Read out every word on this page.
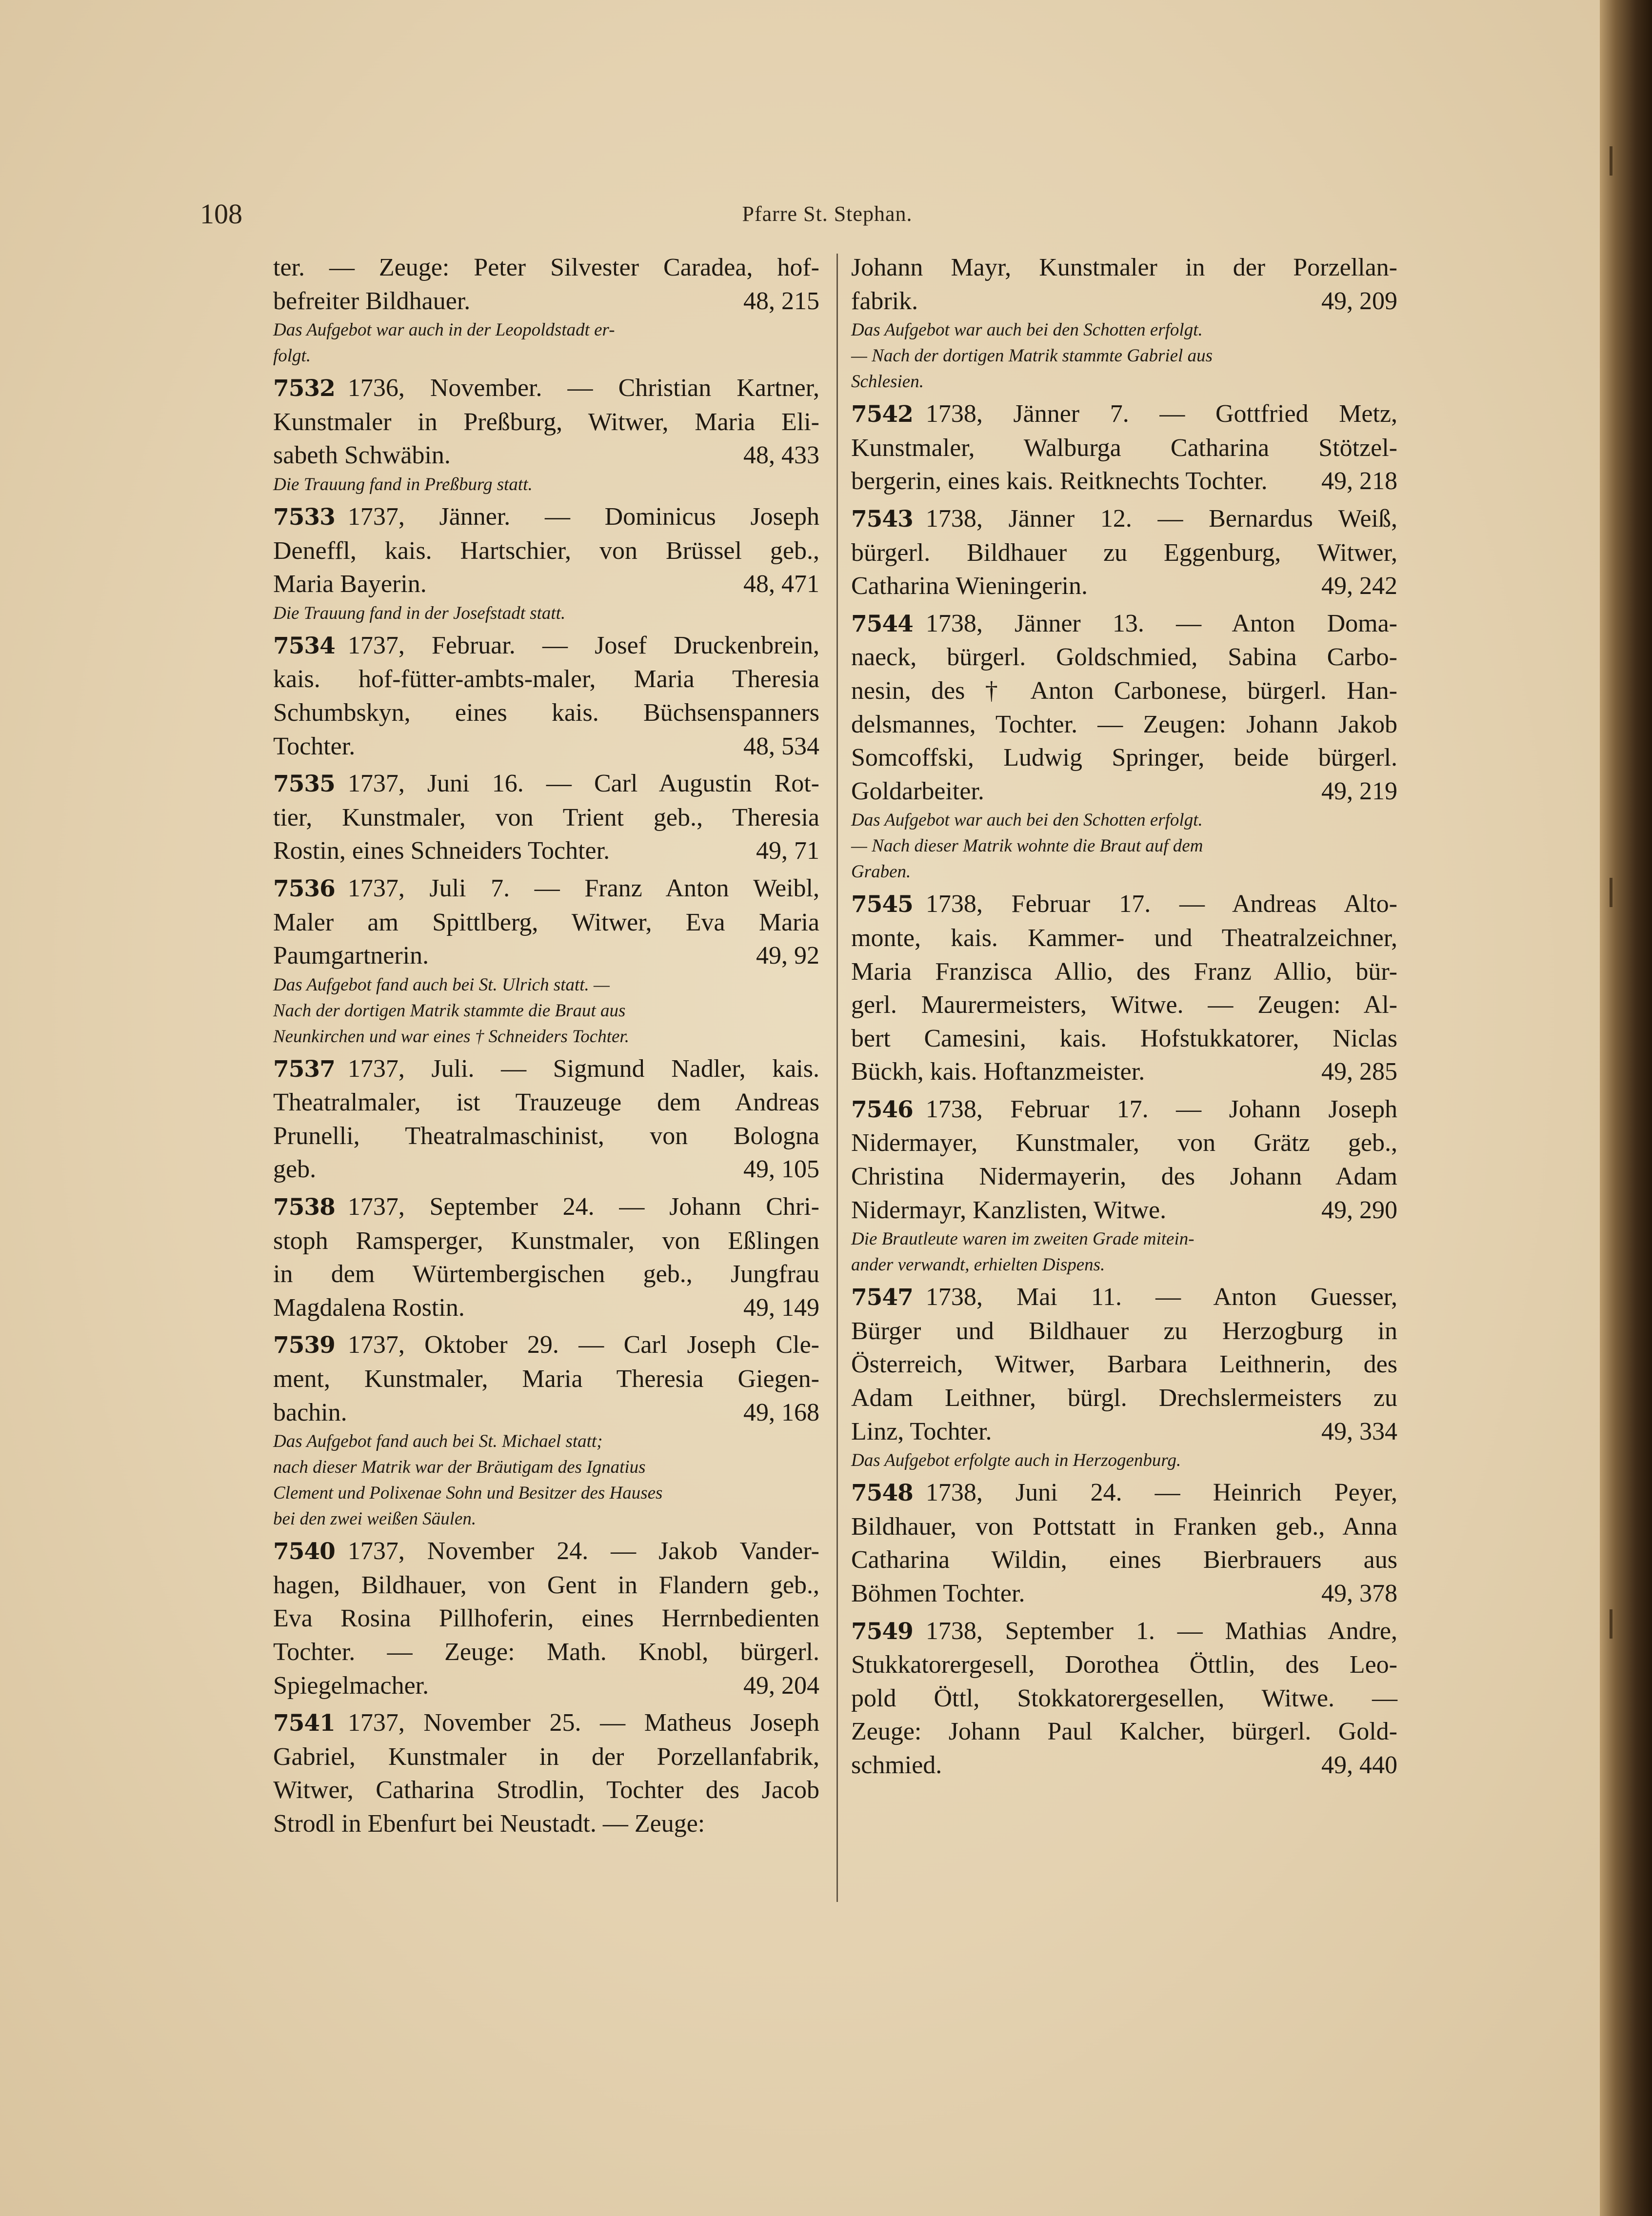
108	Pfarre St. Stephan.

ter. — Zeuge: Peter Silvester Caradea, hof-

48, 215
befreiter Bildhauer.

Das Aufgebot war auch in der Leopoldstadt er-

folgt.

7532 1736, November. — Christian Kartner,

Kunstmaler in Preßburg, Witwer, Maria Eli-

48, 433
sabeth Schwäbin.

Die Trauung fand in Preßburg statt.

7533 1737, Jänner. — Dominicus Joseph

Deneffl, kais. Hartschier, von Brüssel geb.,

48, 471
Maria Bayerin.

Die Trauung fand in der Josefstadt statt.

7534 1737, Februar. — Josef Druckenbrein,

kais. hof-fütter-ambts-maler, Maria Theresia

Schumbskyn, eines kais. Büchsenspanners

48, 534
Tochter.

7535 1737, Juni 16. — Carl Augustin Rot-

tier, Kunstmaler, von Trient geb., Theresia

49, 71
Rostin, eines Schneiders Tochter.

7536 1737, Juli 7. — Franz Anton Weibl,

Maler am Spittlberg, Witwer, Eva Maria

49, 92
Paumgartnerin.

Das Aufgebot fand auch bei St. Ulrich statt. —

Nach der dortigen Matrik stammte die Braut aus

Neunkirchen und war eines † Schneiders Tochter.

7537 1737, Juli. — Sigmund Nadler, kais.

Theatralmaler, ist Trauzeuge dem Andreas

Prunelli, Theatralmaschinist, von Bologna

49, 105
geb.

7538 1737, September 24. — Johann Chri-

stoph Ramsperger, Kunstmaler, von Eßlingen

in dem Würtembergischen geb., Jungfrau

49, 149
Magdalena Rostin.

7539 1737, Oktober 29. — Carl Joseph Cle-

ment, Kunstmaler, Maria Theresia Giegen-

49, 168
bachin.

Das Aufgebot fand auch bei St. Michael statt;

nach dieser Matrik war der Bräutigam des Ignatius

Clement und Polixenae Sohn und Besitzer des Hauses

bei den zwei weißen Säulen.

7540 1737, November 24. — Jakob Vander-

hagen, Bildhauer, von Gent in Flandern geb.,

Eva Rosina Pillhoferin, eines Herrnbedienten

Tochter. — Zeuge: Math. Knobl, bürgerl.

49, 204
Spiegelmacher.

7541 1737, November 25. — Matheus Joseph

Gabriel, Kunstmaler in der Porzellanfabrik,

Witwer, Catharina Strodlin, Tochter des Jacob

Strodl in Ebenfurt bei Neustadt. — Zeuge:

Johann Mayr, Kunstmaler in der Porzellan-

49, 209
fabrik.

Das Aufgebot war auch bei den Schotten erfolgt.

— Nach der dortigen Matrik stammte Gabriel aus

Schlesien.

7542 1738, Jänner 7. — Gottfried Metz,

Kunstmaler, Walburga Catharina Stötzel-

49, 218
bergerin, eines kais. Reitknechts Tochter.

7543 1738, Jänner 12. — Bernardus Weiß,

bürgerl. Bildhauer zu Eggenburg, Witwer,

49, 242
Catharina Wieningerin.

7544 1738, Jänner 13. — Anton Doma-

naeck, bürgerl. Goldschmied, Sabina Carbo-

nesin, des † Anton Carbonese, bürgerl. Han-

delsmannes, Tochter. — Zeugen: Johann Jakob

Somcoffski, Ludwig Springer, beide bürgerl.

49, 219
Goldarbeiter.

Das Aufgebot war auch bei den Schotten erfolgt.

— Nach dieser Matrik wohnte die Braut auf dem

Graben.

7545 1738, Februar 17. — Andreas Alto-

monte, kais. Kammer- und Theatralzeichner,

Maria Franzisca Allio, des Franz Allio, bür-

gerl. Maurermeisters, Witwe. — Zeugen: Al-

bert Camesini, kais. Hofstukkatorer, Niclas

49, 285
Bückh, kais. Hoftanzmeister.

7546 1738, Februar 17. — Johann Joseph

Nidermayer, Kunstmaler, von Grätz geb.,

Christina Nidermayerin, des Johann Adam

49, 290
Nidermayr, Kanzlisten, Witwe.

Die Brautleute waren im zweiten Grade mitein-

ander verwandt, erhielten Dispens.

7547 1738, Mai 11. — Anton Guesser,

Bürger und Bildhauer zu Herzogburg in

Österreich, Witwer, Barbara Leithnerin, des

Adam Leithner, bürgl. Drechslermeisters zu

49, 334
Linz, Tochter.

Das Aufgebot erfolgte auch in Herzogenburg.

7548 1738, Juni 24. — Heinrich Peyer,

Bildhauer, von Pottstatt in Franken geb., Anna

Catharina Wildin, eines Bierbrauers aus

49, 378
Böhmen Tochter.

7549 1738, September 1. — Mathias Andre,

Stukkatorergesell, Dorothea Öttlin, des Leo-

pold Öttl, Stokkatorergesellen, Witwe. —

Zeuge: Johann Paul Kalcher, bürgerl. Gold-

49, 440
schmied.
